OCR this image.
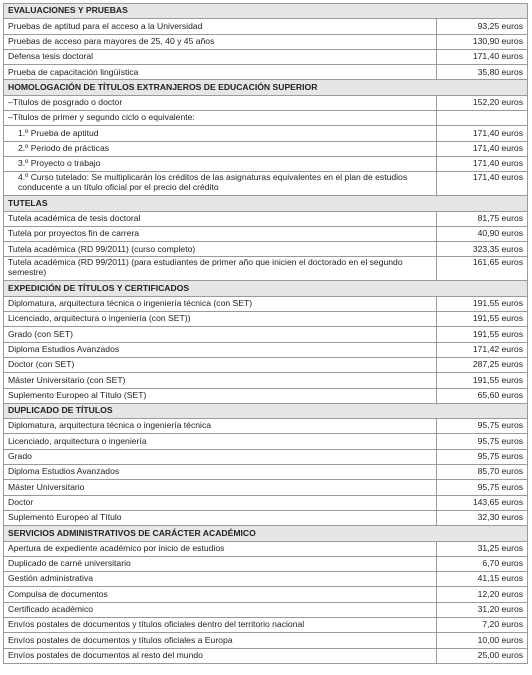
EVALUACIONES Y PRUEBAS	
Pruebas de aptitud para el acceso a la Universidad	93,25 euros
Pruebas de acceso para mayores de 25, 40 y 45 años	130,90 euros
Defensa tesis doctoral	171,40 euros
Prueba de capacitación lingüística	35,80 euros
HOMOLOGACIÓN DE TÍTULOS EXTRANJEROS DE EDUCACIÓN SUPERIOR	
–Títulos de posgrado o doctor	152,20 euros
–Títulos de primer y segundo ciclo o equivalente:	
1.º Prueba de aptitud	171,40 euros
2.º Periodo de prácticas	171,40 euros
3.º Proyecto o trabajo	171,40 euros
4.º Curso tutelado: Se multiplicarán los créditos de las asignaturas equivalentes en el plan de estudios conducente a un título oficial por el precio del crédito	171,40 euros
TUTELAS	
Tutela académica de tesis doctoral	81,75 euros
Tutela por proyectos fin de carrera	40,90 euros
Tutela académica (RD 99/2011) (curso completo)	323,35 euros
Tutela académica (RD 99/2011) (para estudiantes de primer año que inicien el doctorado en el segundo semestre)	161,65 euros
EXPEDICIÓN DE TÍTULOS Y CERTIFICADOS	
Diplomatura, arquitectura técnica o ingeniería técnica (con SET)	191,55 euros
Licenciado, arquitectura o ingeniería (con SET))	191,55 euros
Grado (con SET)	191,55 euros
Diploma Estudios Avanzados	171,42 euros
Doctor (con SET)	287,25 euros
Máster Universitario (con SET)	191,55 euros
Suplemento Europeo al Título (SET)	65,60 euros
DUPLICADO DE TÍTULOS	
Diplomatura, arquitectura técnica o ingeniería técnica	95,75 euros
Licenciado, arquitectura o ingeniería	95,75 euros
Grado	95,75 euros
Diploma Estudios Avanzados	85,70 euros
Máster Universitario	95,75 euros
Doctor	143,65 euros
Suplemento Europeo al Título	32,30 euros
SERVICIOS ADMINISTRATIVOS DE CARÁCTER ACADÉMICO	
Apertura de expediente académico por inicio de estudios	31,25 euros
Duplicado de carné universitario	6,70 euros
Gestión administrativa	41,15 euros
Compulsa de documentos	12,20 euros
Certificado académico	31,20 euros
Envíos postales de documentos y títulos oficiales dentro del territorio nacional	7,20 euros
Envíos postales de documentos y títulos oficiales a Europa	10,00 euros
Envíos postales de documentos al resto del mundo	25,00 euros
